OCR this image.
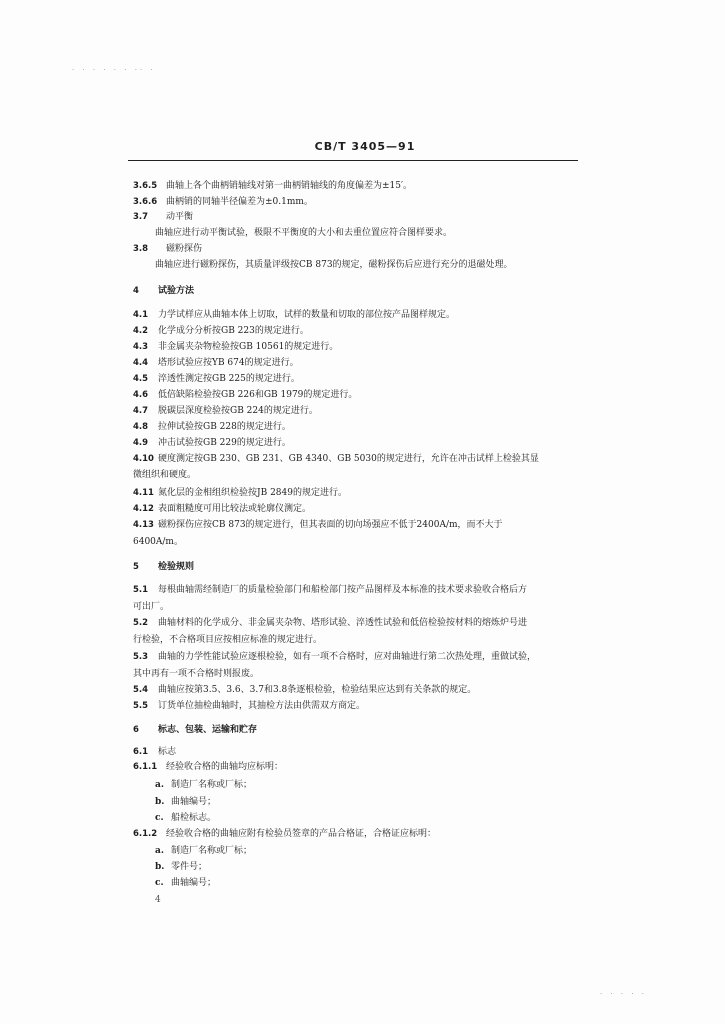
· · · · · · ·· ·
· · · · ·
CB/T 3405—91
3.6.5 曲轴上各个曲柄销轴线对第一曲柄销轴线的角度偏差为±15′。
3.6.6 曲柄销的同轴半径偏差为±0.1mm。
3.7 动平衡
曲轴应进行动平衡试验，极限不平衡度的大小和去重位置应符合图样要求。
3.8 磁粉探伤
曲轴应进行磁粉探伤，其质量评级按CB 873的规定，磁粉探伤后应进行充分的退磁处理。
4 试验方法
4.1 力学试样应从曲轴本体上切取，试样的数量和切取的部位按产品图样规定。
4.2 化学成分分析按GB 223的规定进行。
4.3 非金属夹杂物检验按GB 10561的规定进行。
4.4 塔形试验应按YB 674的规定进行。
4.5 淬透性测定按GB 225的规定进行。
4.6 低倍缺陷检验按GB 226和GB 1979的规定进行。
4.7 脱碳层深度检验按GB 224的规定进行。
4.8 拉伸试验按GB 228的规定进行。
4.9 冲击试验按GB 229的规定进行。
4.10 硬度测定按GB 230、GB 231、GB 4340、GB 5030的规定进行，允许在冲击试样上检验其显
微组织和硬度。
4.11 氮化层的金相组织检验按JB 2849的规定进行。
4.12 表面粗糙度可用比较法或轮廓仪测定。
4.13 磁粉探伤应按CB 873的规定进行，但其表面的切向场强应不低于2400A/m，而不大于
6400A/m。
5 检验规则
5.1 每根曲轴需经制造厂的质量检验部门和船检部门按产品图样及本标准的技术要求验收合格后方
可出厂。
5.2 曲轴材料的化学成分、非金属夹杂物、塔形试验、淬透性试验和低倍检验按材料的熔炼炉号进
行检验，不合格项目应按相应标准的规定进行。
5.3 曲轴的力学性能试验应逐根检验，如有一项不合格时，应对曲轴进行第二次热处理，重做试验，
其中再有一项不合格时则报废。
5.4 曲轴应按第3.5、3.6、3.7和3.8条逐根检验，检验结果应达到有关条款的规定。
5.5 订货单位抽检曲轴时，其抽检方法由供需双方商定。
6 标志、包装、运输和贮存
6.1 标志
6.1.1 经验收合格的曲轴均应标明：
a. 制造厂名称或厂标；
b. 曲轴编号；
c. 船检标志。
6.1.2 经验收合格的曲轴应附有检验员签章的产品合格证，合格证应标明：
a. 制造厂名称或厂标；
b. 零件号；
c. 曲轴编号；
4
